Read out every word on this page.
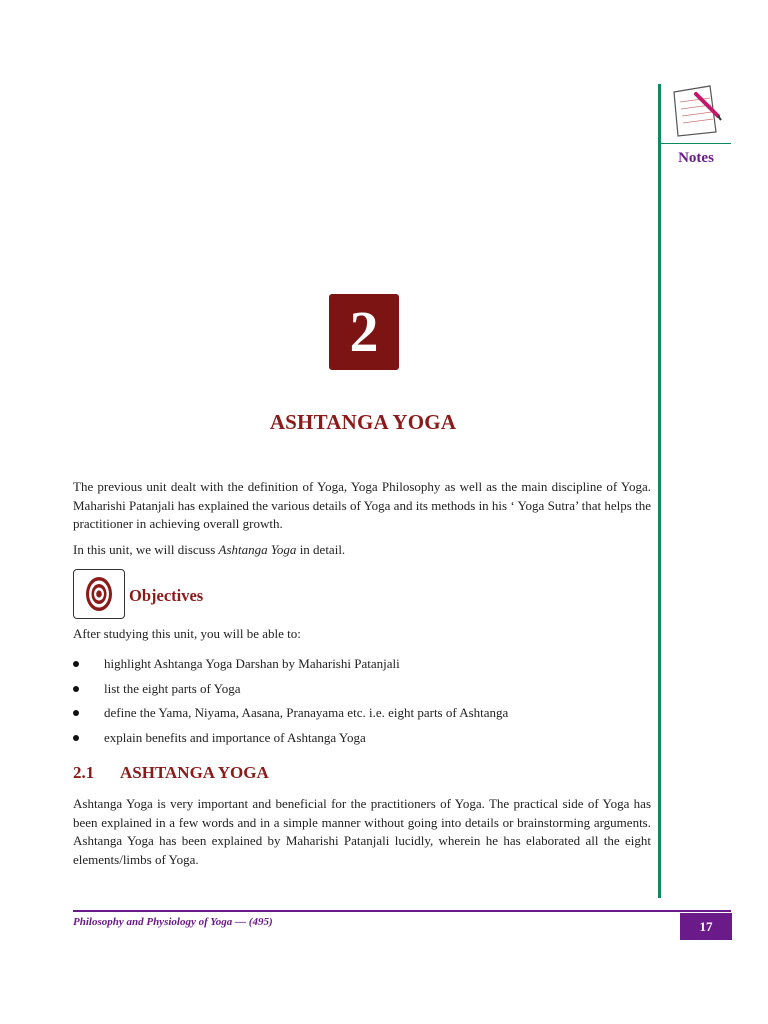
Notes
2
ASHTANGA YOGA

The previous unit dealt with the definition of Yoga, Yoga Philosophy as well as the main discipline of Yoga. Maharishi Patanjali has explained the various details of Yoga and its methods in his ‘ Yoga Sutra’ that helps the practitioner in achieving overall growth.

In this unit, we will discuss Ashtanga Yoga in detail.

Objectives

After studying this unit, you will be able to:

highlight Ashtanga Yoga Darshan by Maharishi Patanjali
list the eight parts of Yoga
define the Yama, Niyama, Aasana, Pranayama etc. i.e. eight parts of Ashtanga
explain benefits and importance of Ashtanga Yoga
2.1 ASHTANGA YOGA

Ashtanga Yoga is very important and beneficial for the practitioners of Yoga. The practical side of Yoga has been explained in a few words and in a simple manner without going into details or brainstorming arguments. Ashtanga Yoga has been explained by Maharishi Patanjali lucidly, wherein he has elaborated all the eight elements/limbs of Yoga.

Philosophy and Physiology of Yoga — (495)	17
